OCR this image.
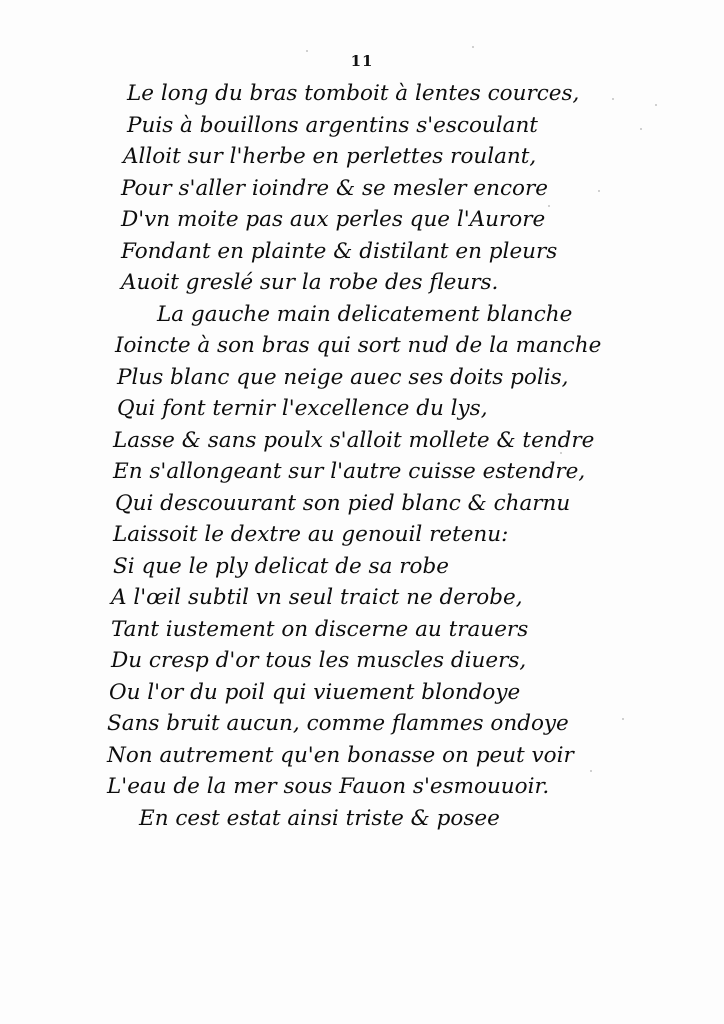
11
Le long du bras tomboit à lentes cources,
Puis à bouillons argentins s'escoulant
Alloit sur l'herbe en perlettes roulant,
Pour s'aller ioindre & se mesler encore
D'vn moite pas aux perles que l'Aurore
Fondant en plainte & distilant en pleurs
Auoit greslé sur la robe des fleurs.
La gauche main delicatement blanche
Ioincte à son bras qui sort nud de la manche
Plus blanc que neige auec ses doits polis,
Qui font ternir l'excellence du lys,
Lasse & sans poulx s'alloit mollete & tendre
En s'allongeant sur l'autre cuisse estendre,
Qui descouurant son pied blanc & charnu
Laissoit le dextre au genouil retenu:
Si que le ply delicat de sa robe
A l'œil subtil vn seul traict ne derobe,
Tant iustement on discerne au trauers
Du cresp d'or tous les muscles diuers,
Ou l'or du poil qui viuement blondoye
Sans bruit aucun, comme flammes ondoye
Non autrement qu'en bonasse on peut voir
L'eau de la mer sous Fauon s'esmouuoir.
En cest estat ainsi triste & posee
